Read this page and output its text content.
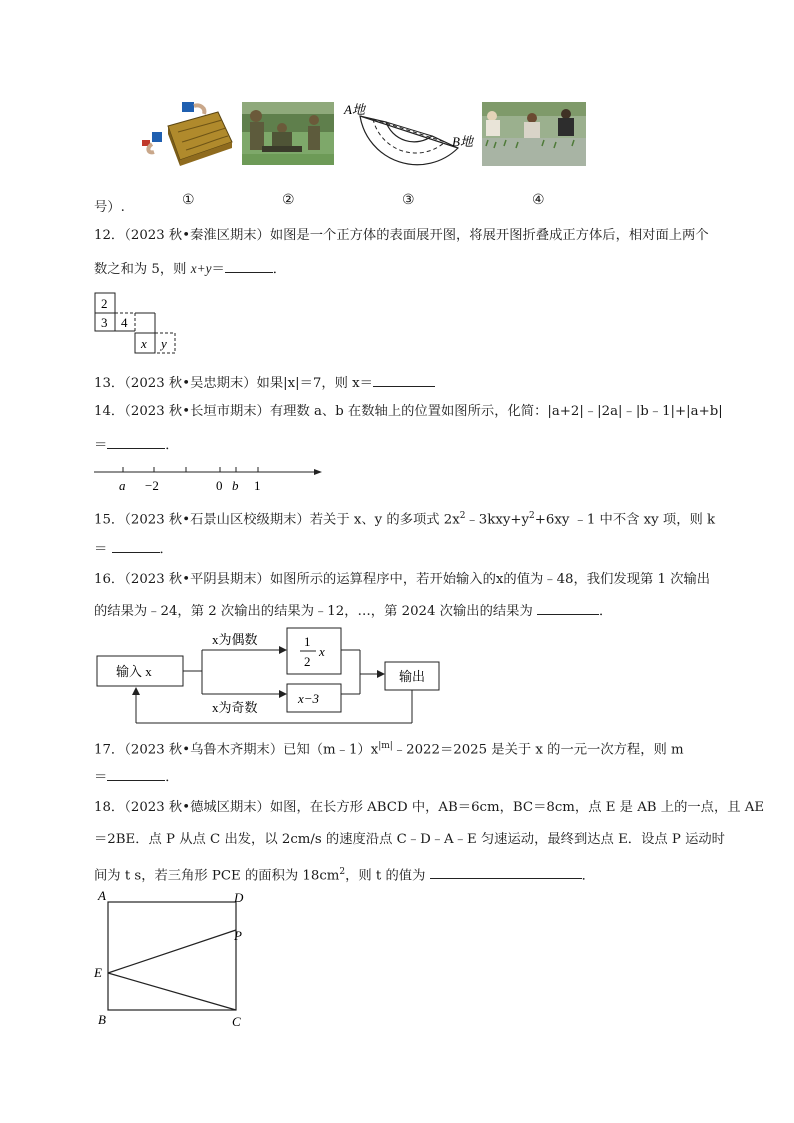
A地
B地
①	②	③	④
号）.
12．（2023 秋•秦淮区期末）如图是一个正方体的表面展开图，将展开图折叠成正方体后，相对面上两个
数之和为 5，则 x+y＝	．
2
3 4
x y
13．（2023 秋•吴忠期末）如果|x|＝7，则 x＝
14．（2023 秋•长垣市期末）有理数 a、b 在数轴上的位置如图所示，化简：|a+2|﹣|2a|﹣|b﹣1|+|a+b|
＝	．
a −2	0 b 1
15．（2023 秋•石景山区校级期末）若关于 x、y 的多项式 $2x^2﹣3kxy+y^2+6xy$ ﹣1 中不含 xy 项，则 k
＝	．
16．（2023 秋•平阴县期末）如图所示的运算程序中，若开始输入的x的值为﹣48，我们发现第 1 次输出
的结果为﹣24，第 2 次输出的结果为﹣12，…，第 2024 次输出的结果为	．
输入 x
x为偶数
x为奇数
1
2
x
x−3
输出
17．（2023 秋•乌鲁木齐期末）已知$(m﹣1)x^{|m|}﹣2022=2025$ 是关于 x 的一元一次方程，则 m
＝	．
18．（2023 秋•德城区期末）如图，在长方形 ABCD 中，AB＝6cm，BC＝8cm，点 E 是 AB 上的一点，且 AE
＝2BE．点 P 从点 C 出发，以 2cm/s 的速度沿点 C﹣D﹣A﹣E 匀速运动，最终到达点 E．设点 P 运动时
间为 t s，若三角形 PCE 的面积为 $18cm^2$，则 t 的值为	．
A	D
P
E
B	C
